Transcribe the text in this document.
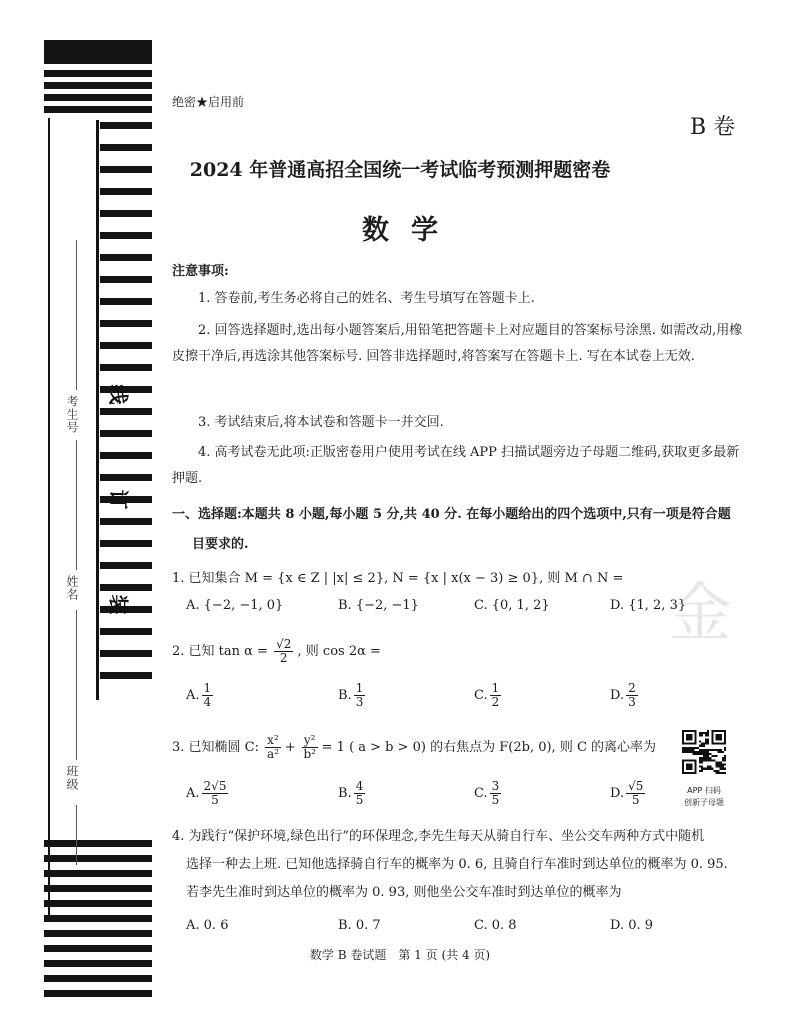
考生号
姓名
班级
线
订
装
绝密★启用前
B 卷
2024 年普通高招全国统一考试临考预测押题密卷
数学
注意事项:
1. 答卷前,考生务必将自己的姓名、考生号填写在答题卡上.
2. 回答选择题时,选出每小题答案后,用铅笔把答题卡上对应题目的答案标号涂黑. 如需改动,用橡皮擦干净后,再选涂其他答案标号. 回答非选择题时,将答案写在答题卡上. 写在本试卷上无效.
3. 考试结束后,将本试卷和答题卡一并交回.
4. 高考试卷无此项:正版密卷用户使用考试在线 APP 扫描试题旁边子母题二维码,获取更多最新押题.
一、选择题:本题共 8 小题,每小题 5 分,共 40 分. 在每小题给出的四个选项中,只有一项是符合题
目要求的.
金
1. 已知集合 M = {x ∈ Z | |x| ≤ 2}, N = {x | x(x − 3) ≥ 0}, 则 M ∩ N =
A. {−2, −1, 0}	B. {−2, −1}	C. {0, 1, 2}	D. {1, 2, 3}
2. 已知 $\tan \alpha = \frac{√2}{2}$ , 则 cos 2α =
A. $\frac{1}{4}$	B. $\frac{1}{3}$	C. $\frac{1}{2}$	D. $\frac{2}{3}$
3. 已知椭圆 C: $\frac{\text{x²}}{\text{a²}} + \frac{\text{y²}}{\text{b²}} = 1$ ( a > b > 0) 的右焦点为 F(2b, 0), 则 C 的离心率为
A. $\frac{2√5}{5}$	B. $\frac{4}{5}$	C. $\frac{3}{5}$	D. $\frac{√5}{5}$	APP 扫码
创新子母题
4. 为践行“保护环境,绿色出行”的环保理念,李先生每天从骑自行车、坐公交车两种方式中随机
选择一种去上班. 已知他选择骑自行车的概率为 0. 6, 且骑自行车准时到达单位的概率为 0. 95.
若李先生准时到达单位的概率为 0. 93, 则他坐公交车准时到达单位的概率为
A. 0. 6	B. 0. 7	C. 0. 8	D. 0. 9
数学 B 卷试题　第 1 页 (共 4 页)
